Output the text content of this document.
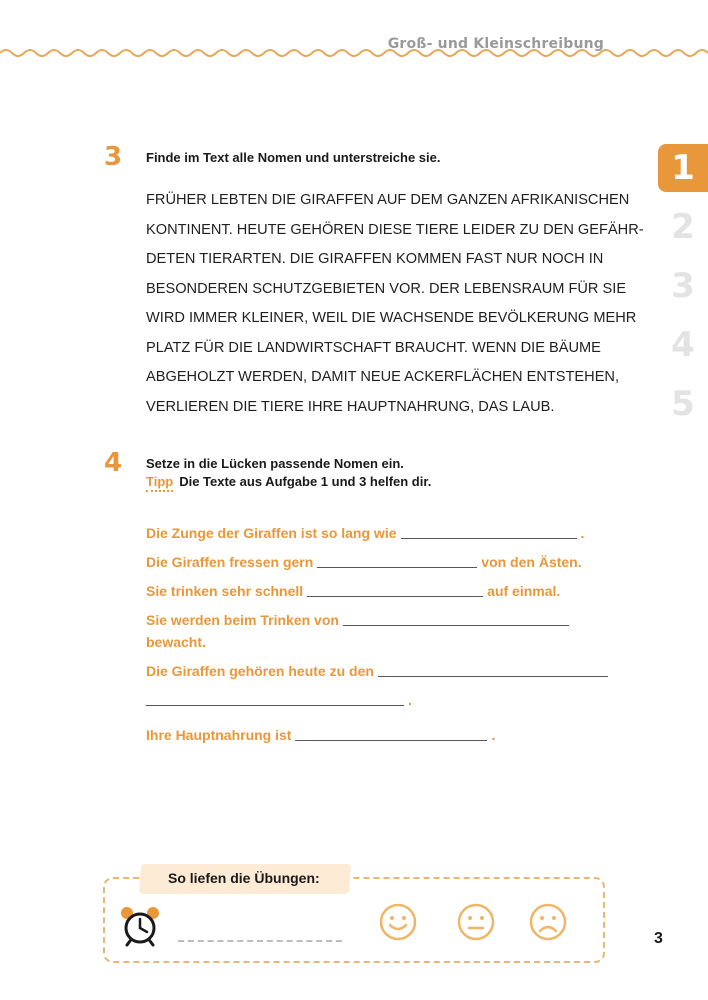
Groß- und Kleinschreibung
1
2
3
4
5
3 Finde im Text alle Nomen und unterstreiche sie.
FRÜHER LEBTEN DIE GIRAFFEN AUF DEM GANZEN AFRIKANISCHEN
KONTINENT. HEUTE GEHÖREN DIESE TIERE LEIDER ZU DEN GEFÄHR-
DETEN TIERARTEN. DIE GIRAFFEN KOMMEN FAST NUR NOCH IN
BESONDEREN SCHUTZGEBIETEN VOR. DER LEBENSRAUM FÜR SIE
WIRD IMMER KLEINER, WEIL DIE WACHSENDE BEVÖLKERUNG MEHR
PLATZ FÜR DIE LANDWIRTSCHAFT BRAUCHT. WENN DIE BÄUME
ABGEHOLZT WERDEN, DAMIT NEUE ACKERFLÄCHEN ENTSTEHEN,
VERLIEREN DIE TIERE IHRE HAUPTNAHRUNG, DAS LAUB.
4 Setze in die Lücken passende Nomen ein.
Tipp Die Texte aus Aufgabe 1 und 3 helfen dir.
Die Zunge der Giraffen ist so lang wie	.
Die Giraffen fressen gern	von den Ästen.
Sie trinken sehr schnell	auf einmal.
Sie werden beim Trinken von
bewacht.
Die Giraffen gehören heute zu den
.
Ihre Hauptnahrung ist	.
So liefen die Übungen:
3
